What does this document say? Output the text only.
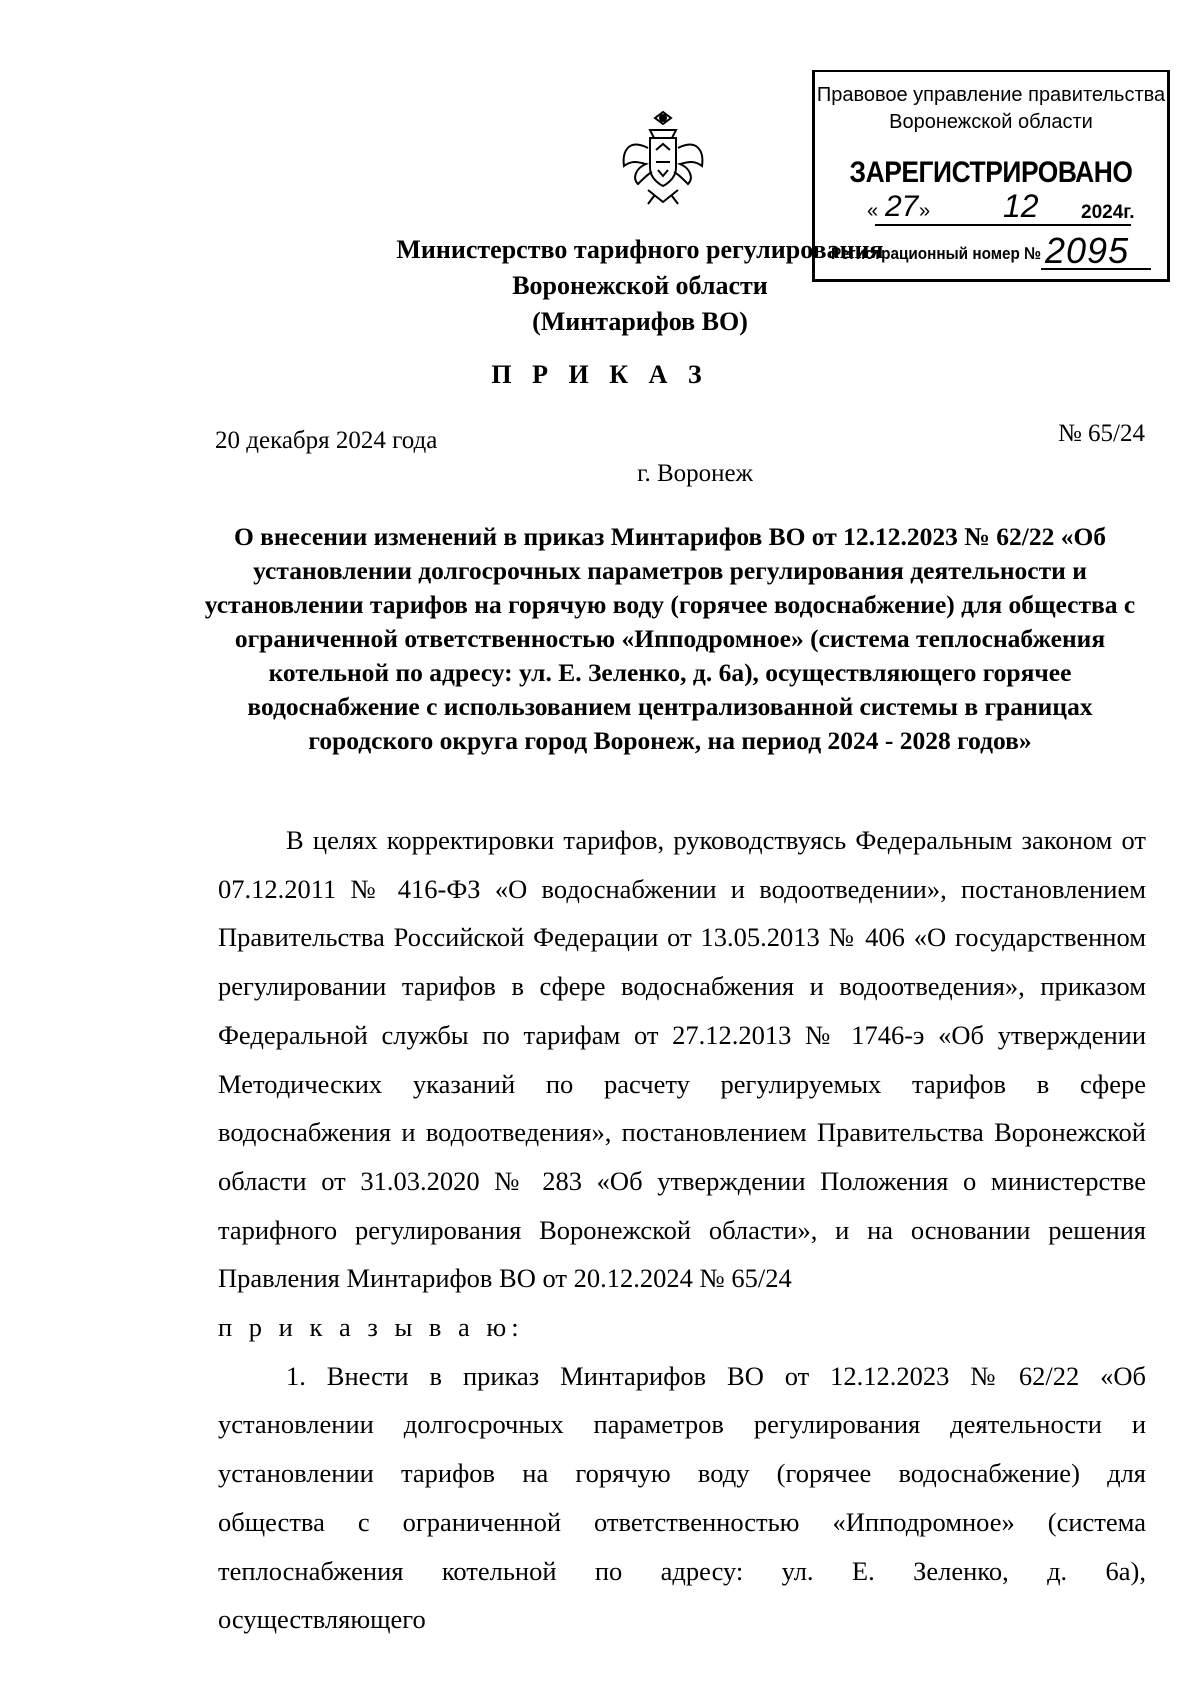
Правовое управление правительства
Воронежской области
ЗАРЕГИСТРИРОВАНО
« 27 » 12 2024г.
Регистрационный номер № 2095
Министерство тарифного регулирования
Воронежской области
(Минтарифов ВО)
П Р И К А З
20 декабря 2024 года	№ 65/24
г. Воронеж
О внесении изменений в приказ Минтарифов ВО от 12.12.2023 № 62/22 «Об установлении долгосрочных параметров регулирования деятельности и установлении тарифов на горячую воду (горячее водоснабжение) для общества с ограниченной ответственностью «Ипподромное» (система теплоснабжения котельной по адресу: ул. Е. Зеленко, д. 6а), осуществляющего горячее водоснабжение с использованием централизованной системы в границах городского округа город Воронеж, на период 2024 - 2028 годов»

В целях корректировки тарифов, руководствуясь Федеральным законом от 07.12.2011 № 416-ФЗ «О водоснабжении и водоотведении», постановлением Правительства Российской Федерации от 13.05.2013 № 406 «О государственном регулировании тарифов в сфере водоснабжения и водоотведения», приказом Федеральной службы по тарифам от 27.12.2013 № 1746-э «Об утверждении Методических указаний по расчету регулируемых тарифов в сфере водоснабжения и водоотведения», постановлением Правительства Воронежской области от 31.03.2020 № 283 «Об утверждении Положения о министерстве тарифного регулирования Воронежской области», и на основании решения Правления Минтарифов ВО от 20.12.2024 № 65/24

п р и к а з ы в а ю:

1. Внести в приказ Минтарифов ВО от 12.12.2023 № 62/22 «Об установлении долгосрочных параметров регулирования деятельности и установлении тарифов на горячую воду (горячее водоснабжение) для общества с ограниченной ответственностью «Ипподромное» (система теплоснабжения котельной по адресу: ул. Е. Зеленко, д. 6а), осуществляющего
